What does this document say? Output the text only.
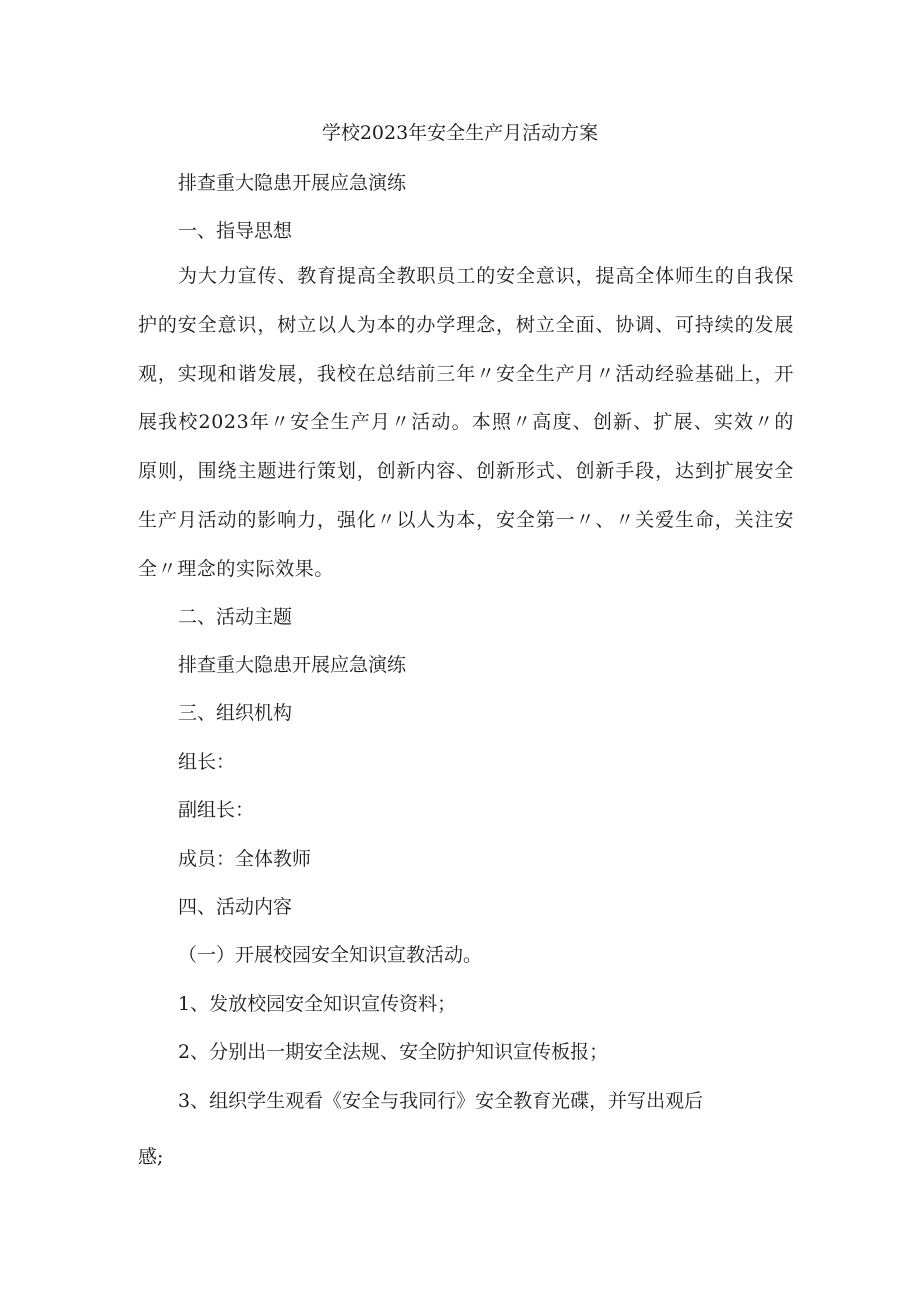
学校2023年安全生产月活动方案
排查重大隐患开展应急演练
一、指导思想
为大力宣传、教育提高全教职员工的安全意识，提高全体师生的自我保护的安全意识，树立以人为本的办学理念，树立全面、协调、可持续的发展观，实现和谐发展，我校在总结前三年〃安全生产月〃活动经验基础上，开展我校2023年〃安全生产月〃活动。本照〃高度、创新、扩展、实效〃的原则，围绕主题进行策划，创新内容、创新形式、创新手段，达到扩展安全生产月活动的影响力，强化〃以人为本，安全第一〃、〃关爱生命，关注安全〃理念的实际效果。
二、活动主题
排查重大隐患开展应急演练
三、组织机构
组长：
副组长：
成员：全体教师
四、活动内容
（一）开展校园安全知识宣教活动。
1、发放校园安全知识宣传资料；
2、分别出一期安全法规、安全防护知识宣传板报；
3、组织学生观看《安全与我同行》安全教育光碟，并写出观后
感;
